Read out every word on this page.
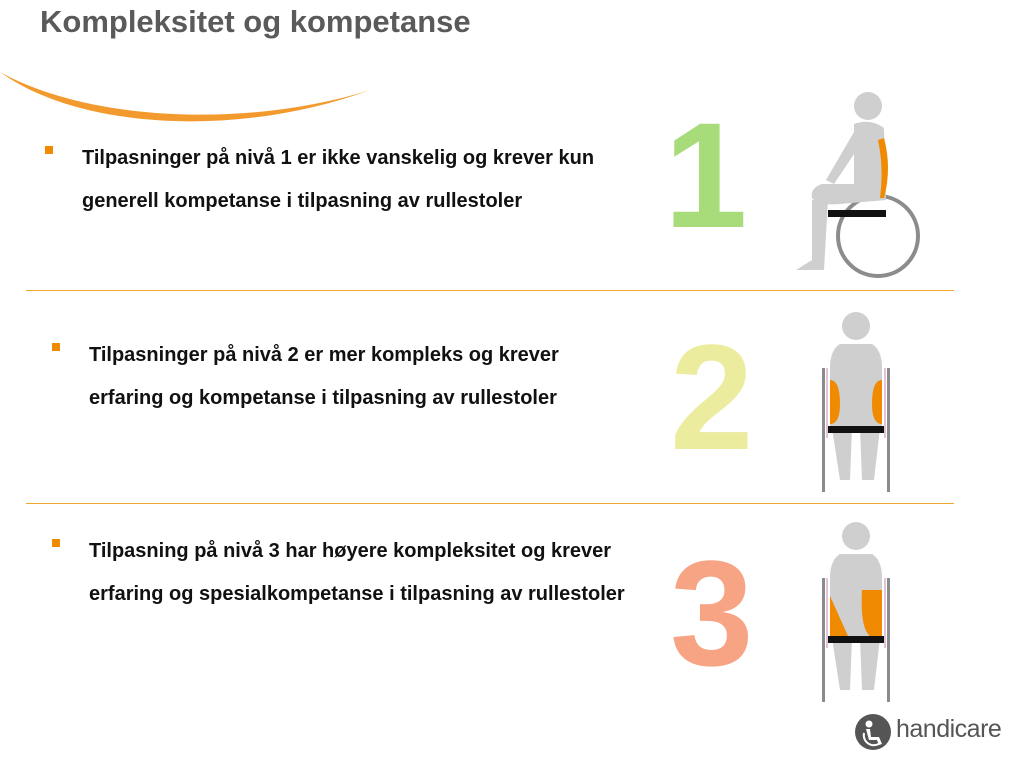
Kompleksitet og kompetanse

Tilpasninger på nivå 1 er ikke vanskelig og krever kun generell kompetanse i tilpasning av rullestoler 1

Tilpasninger på nivå 2 er mer kompleks og krever erfaring og kompetanse i tilpasning av rullestoler 2

Tilpasning på nivå 3 har høyere kompleksitet og krever erfaring og spesialkompetanse i tilpasning av rullestoler 3
handicare
